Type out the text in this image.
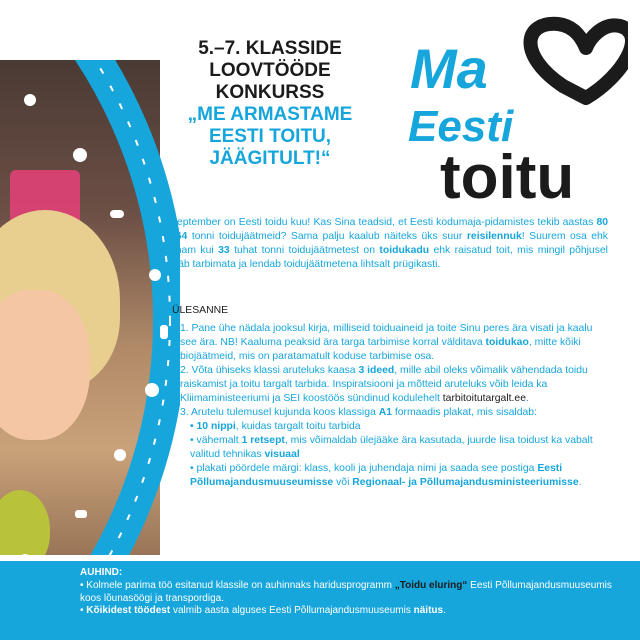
5.–7. KLASSIDE
LOOVTÖÖDE
KONKURSS
„ME ARMASTAME
EESTI TOITU,
JÄÄGITULT!“
Ma
Eesti
toitu

September on Eesti toidu kuu! Kas Sina teadsid, et Eesti kodumaja-pidamistes tekib aastas 80 564 tonni toidujäätmeid? Sama palju kaalub näiteks üks suur reisilennuk! Suurem osa ehk enam kui 33 tuhat tonni toidujäätmetest on toidukadu ehk raisatud toit, mis mingil põhjusel jääb tarbimata ja lendab toidujäätmetena lihtsalt prügikasti.

ÜLESANNE

1. Pane ühe nädala jooksul kirja, milliseid toiduaineid ja toite Sinu peres ära visati ja kaalu see ära. NB! Kaaluma peaksid ära targa tarbimise korral välditava toidukao, mitte kõiki biojäätmeid, mis on paratamatult koduse tarbimise osa.

2. Võta ühiseks klassi aruteluks kaasa 3 ideed, mille abil oleks võimalik vähendada toidu raiskamist ja toitu targalt tarbida. Inspiratsiooni ja mõtteid aruteluks võib leida ka Kliimaministeeriumi ja SEI koostöös sündinud kodulehelt tarbitoitutargalt.ee.

3. Arutelu tulemusel kujunda koos klassiga A1 formaadis plakat, mis sisaldab:

• 10 nippi, kuidas targalt toitu tarbida

• vähemalt 1 retsept, mis võimaldab ülejääke ära kasutada, juurde lisa toidust ka vabalt valitud tehnikas visuaal

• plakati pöördele märgi: klass, kooli ja juhendaja nimi ja saada see postiga Eesti Põllumajandusmuuseumisse või Regionaal- ja Põllumajandusministeeriumisse.

AUHIND:

• Kolmele parima töö esitanud klassile on auhinnaks haridusprogramm „Toidu eluring“ Eesti Põllumajandusmuuseumis koos lõunasöögi ja transpordiga.

• Kõikidest töödest valmib aasta alguses Eesti Põllumajandusmuuseumis näitus.
